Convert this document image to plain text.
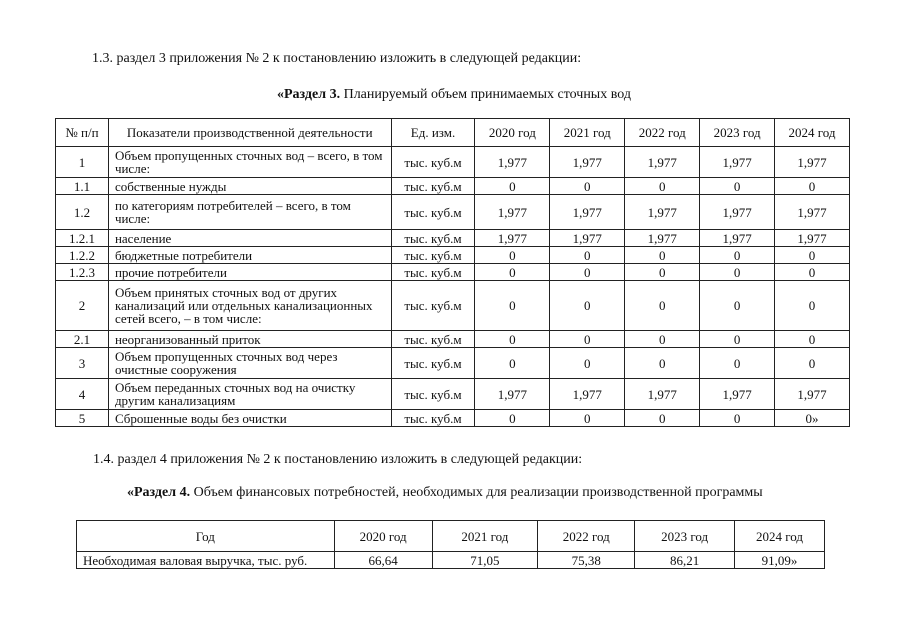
1.3. раздел 3 приложения № 2 к постановлению изложить в следующей редакции:
«Раздел 3. Планируемый объем принимаемых сточных вод
№ п/п	Показатели производственной деятельности	Ед. изм.	2020 год	2021 год	2022 год	2023 год	2024 год
1	Объем пропущенных сточных вод – всего, в том числе:	тыс. куб.м	1,977	1,977	1,977	1,977	1,977
1.1	собственные нужды	тыс. куб.м	0	0	0	0	0
1.2	по категориям потребителей – всего, в том числе:	тыс. куб.м	1,977	1,977	1,977	1,977	1,977
1.2.1	население	тыс. куб.м	1,977	1,977	1,977	1,977	1,977
1.2.2	бюджетные потребители	тыс. куб.м	0	0	0	0	0
1.2.3	прочие потребители	тыс. куб.м	0	0	0	0	0
2	Объем принятых сточных вод от других канализаций или отдельных канализационных сетей всего, – в том числе:	тыс. куб.м	0	0	0	0	0
2.1	неорганизованный приток	тыс. куб.м	0	0	0	0	0
3	Объем пропущенных сточных вод через очистные сооружения	тыс. куб.м	0	0	0	0	0
4	Объем переданных сточных вод на очистку другим канализациям	тыс. куб.м	1,977	1,977	1,977	1,977	1,977
5	Сброшенные воды без очистки	тыс. куб.м	0	0	0	0	0»
1.4. раздел 4 приложения № 2 к постановлению изложить в следующей редакции:
«Раздел 4. Объем финансовых потребностей, необходимых для реализации производственной программы
Год	2020 год	2021 год	2022 год	2023 год	2024 год
Необходимая валовая выручка, тыс. руб.	66,64	71,05	75,38	86,21	91,09»
